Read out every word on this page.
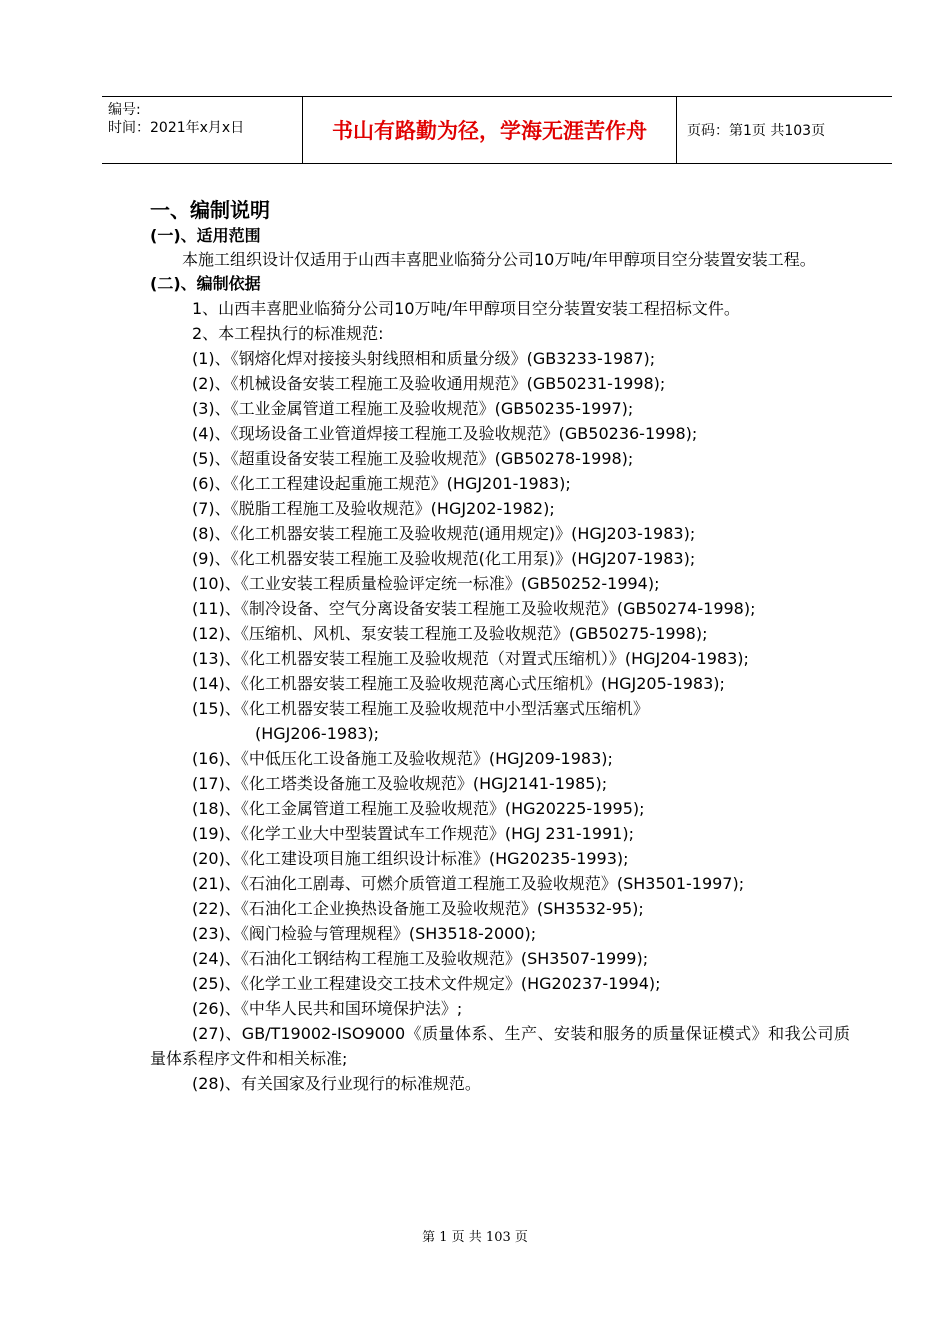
编号:
时间：2021年x月x日	书山有路勤为径，学海无涯苦作舟	页码：第1页 共103页
一、编制说明
(一)、适用范围
本施工组织设计仅适用于山西丰喜肥业临猗分公司10万吨/年甲醇项目空分装置安装工程。
(二)、编制依据
1、山西丰喜肥业临猗分公司10万吨/年甲醇项目空分装置安装工程招标文件。
2、本工程执行的标准规范:
(1)、《钢熔化焊对接接头射线照相和质量分级》(GB3233-1987);
(2)、《机械设备安装工程施工及验收通用规范》(GB50231-1998);
(3)、《工业金属管道工程施工及验收规范》(GB50235-1997);
(4)、《现场设备工业管道焊接工程施工及验收规范》(GB50236-1998);
(5)、《超重设备安装工程施工及验收规范》(GB50278-1998);
(6)、《化工工程建设起重施工规范》(HGJ201-1983);
(7)、《脱脂工程施工及验收规范》(HGJ202-1982);
(8)、《化工机器安装工程施工及验收规范(通用规定)》(HGJ203-1983);
(9)、《化工机器安装工程施工及验收规范(化工用泵)》(HGJ207-1983);
(10)、《工业安装工程质量检验评定统一标准》(GB50252-1994);
(11)、《制冷设备、空气分离设备安装工程施工及验收规范》(GB50274-1998);
(12)、《压缩机、风机、泵安装工程施工及验收规范》(GB50275-1998);
(13)、《化工机器安装工程施工及验收规范（对置式压缩机）》(HGJ204-1983);
(14)、《化工机器安装工程施工及验收规范离心式压缩机》(HGJ205-1983);
(15)、《化工机器安装工程施工及验收规范中小型活塞式压缩机》
(HGJ206-1983);
(16)、《中低压化工设备施工及验收规范》(HGJ209-1983);
(17)、《化工塔类设备施工及验收规范》(HGJ2141-1985);
(18)、《化工金属管道工程施工及验收规范》(HG20225-1995);
(19)、《化学工业大中型装置试车工作规范》(HGJ 231-1991);
(20)、《化工建设项目施工组织设计标准》(HG20235-1993);
(21)、《石油化工剧毒、可燃介质管道工程施工及验收规范》(SH3501-1997);
(22)、《石油化工企业换热设备施工及验收规范》(SH3532-95);
(23)、《阀门检验与管理规程》(SH3518-2000);
(24)、《石油化工钢结构工程施工及验收规范》(SH3507-1999);
(25)、《化学工业工程建设交工技术文件规定》(HG20237-1994);
(26)、《中华人民共和国环境保护法》;
(27)、GB/T19002-ISO9000《质量体系、生产、安装和服务的质量保证模式》和我公司质量体系程序文件和相关标准;
(28)、有关国家及行业现行的标准规范。
第 1 页 共 103 页
